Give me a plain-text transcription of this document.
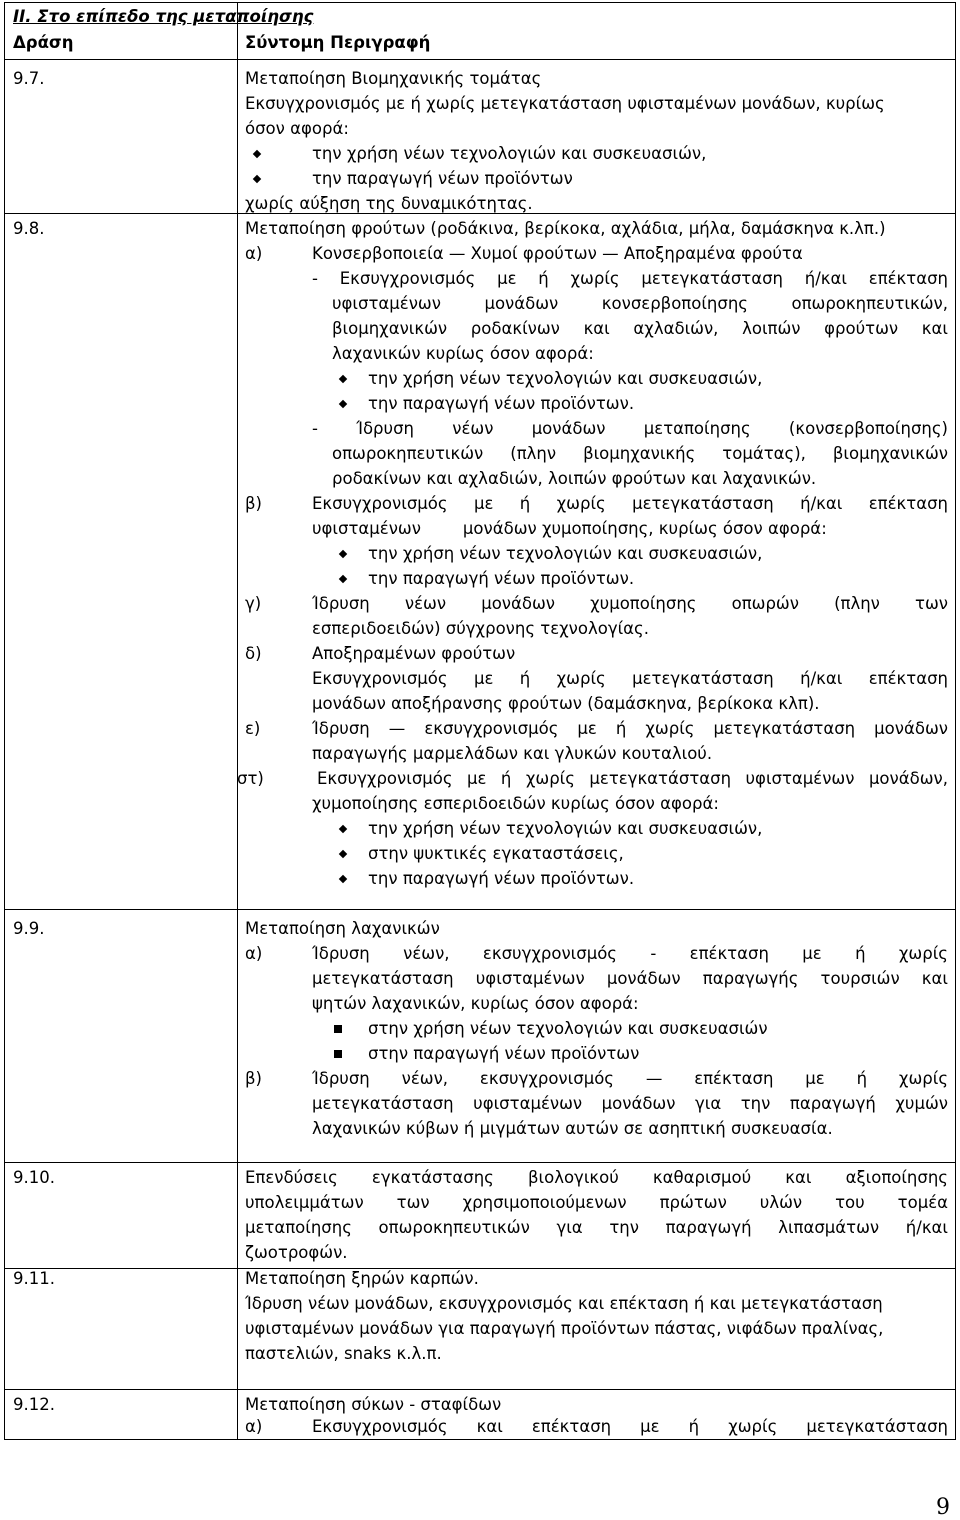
II. Στο επίπεδο της μεταποίησης
Δράση	Σύντομη Περιγραφή
9.7.	Μεταποίηση Βιομηχανικής τομάτας
Εκσυγχρονισμός με ή χωρίς μετεγκατάσταση υφισταμένων μονάδων, κυρίως
όσον αφορά:
την χρήση νέων τεχνολογιών και συσκευασιών,
την παραγωγή νέων προϊόντων
χωρίς αύξηση της δυναμικότητας.
9.8.	Μεταποίηση φρούτων (ροδάκινα, βερίκοκα, αχλάδια, μήλα, δαμάσκηνα κ.λπ.)
α)	Κονσερβοποιεία — Χυμοί φρούτων — Αποξηραμένα φρούτα
- Εκσυγχρονισμός με ή χωρίς μετεγκατάσταση ή/και επέκταση
υφισταμένων μονάδων κονσερβοποίησης οπωροκηπευτικών,
βιομηχανικών ροδακίνων και αχλαδιών, λοιπών φρούτων και
λαχανικών κυρίως όσον αφορά:
την χρήση νέων τεχνολογιών και συσκευασιών,
την παραγωγή νέων προϊόντων.
- Ίδρυση νέων μονάδων μεταποίησης (κονσερβοποίησης)
οπωροκηπευτικών (πλην βιομηχανικής τομάτας), βιομηχανικών
ροδακίνων και αχλαδιών, λοιπών φρούτων και λαχανικών.
β)	Εκσυγχρονισμός με ή χωρίς μετεγκατάσταση ή/και επέκταση
υφισταμένων        μονάδων χυμοποίησης, κυρίως όσον αφορά:
την χρήση νέων τεχνολογιών και συσκευασιών,
την παραγωγή νέων προϊόντων.
γ)	Ίδρυση νέων μονάδων χυμοποίησης οπωρών (πλην των
εσπεριδοειδών) σύγχρονης τεχνολογίας.
δ)	Αποξηραμένων φρούτων
Εκσυγχρονισμός με ή χωρίς μετεγκατάσταση ή/και επέκταση
μονάδων αποξήρανσης φρούτων (δαμάσκηνα, βερίκοκα κλπ).
ε)	Ίδρυση — εκσυγχρονισμός με ή χωρίς μετεγκατάσταση μονάδων
παραγωγής μαρμελάδων και γλυκών κουταλιού.
στ)	Εκσυγχρονισμός με ή χωρίς μετεγκατάσταση υφισταμένων μονάδων,
χυμοποίησης εσπεριδοειδών κυρίως όσον αφορά:
την χρήση νέων τεχνολογιών και συσκευασιών,
στην ψυκτικές εγκαταστάσεις,
την παραγωγή νέων προϊόντων.
9.9.	Μεταποίηση λαχανικών
α)	Ίδρυση νέων, εκσυγχρονισμός - επέκταση με ή χωρίς
μετεγκατάσταση υφισταμένων μονάδων παραγωγής τουρσιών και
ψητών λαχανικών, κυρίως όσον αφορά:
στην χρήση νέων τεχνολογιών και συσκευασιών
στην παραγωγή νέων προϊόντων
β)	Ίδρυση νέων, εκσυγχρονισμός — επέκταση με ή χωρίς
μετεγκατάσταση υφισταμένων μονάδων για την παραγωγή χυμών
λαχανικών κύβων ή μιγμάτων αυτών σε ασηπτική συσκευασία.
9.10.	Επενδύσεις εγκατάστασης βιολογικού καθαρισμού και αξιοποίησης
υπολειμμάτων των χρησιμοποιούμενων πρώτων υλών του τομέα
μεταποίησης οπωροκηπευτικών για την παραγωγή λιπασμάτων ή/και
ζωοτροφών.
9.11.	Μεταποίηση ξηρών καρπών.
Ίδρυση νέων μονάδων, εκσυγχρονισμός και επέκταση ή και μετεγκατάσταση
υφισταμένων μονάδων για παραγωγή προϊόντων πάστας, νιφάδων πραλίνας,
παστελιών, snaks κ.λ.π.
9.12.	Μεταποίηση σύκων - σταφίδων
α)	Εκσυγχρονισμός και επέκταση με ή χωρίς μετεγκατάσταση
9
